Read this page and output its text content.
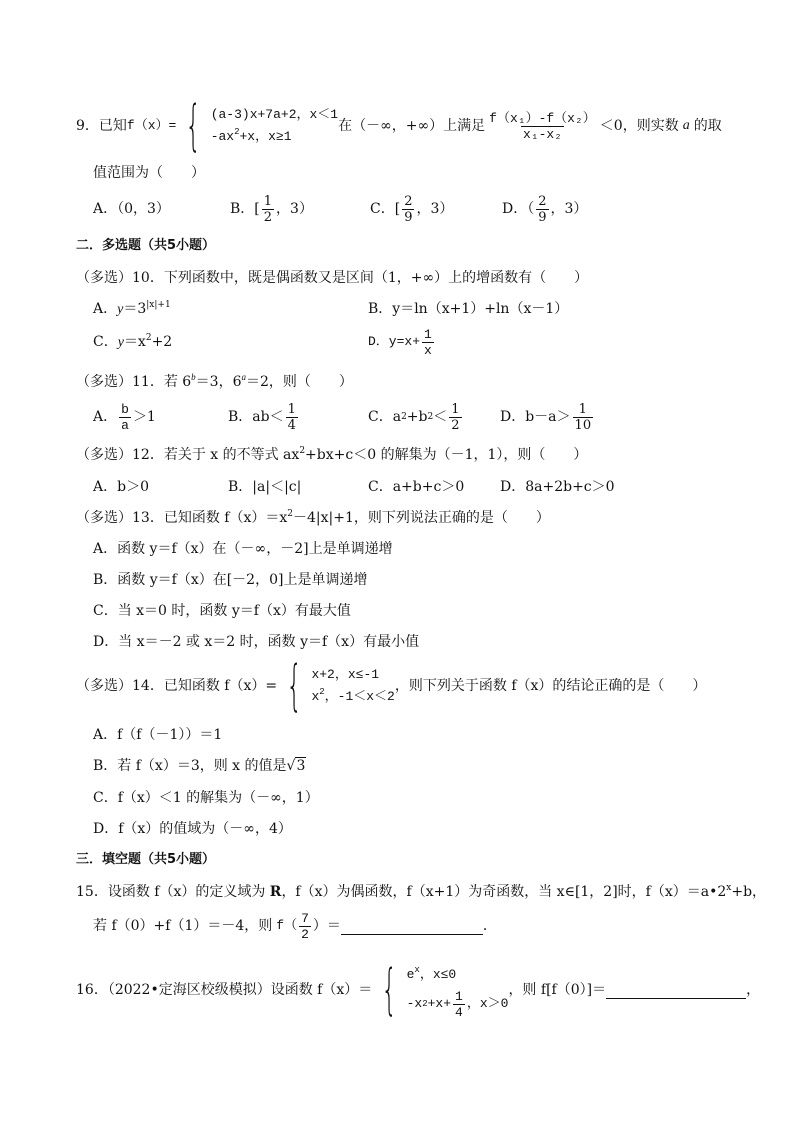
9．已知 f（x）= { (a-3)x+7a+2，x＜1
$-ax^2+x$，x≥1
在（－∞，+∞）上满足 $\frac{\text{f（x₁）-f（x₂）}}{\text{x₁-x₂}} <0$，则实数 a 的取
值范围为（　　）
A．（0，3）	B．[ $\frac{1}{2}$ ，3）	C．[ $\frac{2}{9}$ ，3）	D．（ $\frac{2}{9}$ ，3）
二．多选题（共5小题）
（多选）10．下列函数中，既是偶函数又是区间（1，+∞）上的增函数有（　　）
A．$y=3^{|x|+1}$	B．y＝ln（x+1）+ln（x－1）
C．$y=x^2+2$	D．$y=x+ \frac{1}{x}$
（多选）11．若 $6^b=3$，$6^a=2$，则（　　）
A． $\frac{b}{a} >1$	B．$ab< \frac{1}{4}$	C．a 2 +b $2 < \frac{1}{2}$	D．$b-a> \frac{1}{10}$
（多选）12．若关于 x 的不等式 $ax^2+bx+c<0$ 的解集为（－1，1），则（　　）
A．b＞0	B．|a|＜|c|	C．a+b+c＞0	D．8a+2b+c＞0
（多选）13．已知函数 $f(x)=x^2-4|x|+1$，则下列说法正确的是（　　）
A．函数 y＝f（x）在（－∞，－2]上是单调递增
B．函数 y＝f（x）在[－2，0]上是单调递增
C．当 x＝0 时，函数 y＝f（x）有最大值
D．当 x＝－2 或 x＝2 时，函数 y＝f（x）有最小值
（多选）14．已知函数 f（x）= { x+2，x≤-1
$x^2$，-1＜x＜2
，则下列关于函数 f（x）的结论正确的是（　　）
A．f（f（－1））＝1
B．若 f（x）＝3，则 x 的值是√3
C．f（x）＜1 的解集为（－∞，1）
D．f（x）的值域为（－∞，4）
三．填空题（共5小题）
15．设函数 f（x）的定义域为 R，f（x）为偶函数，f（x+1）为奇函数，当 x∈[1，2]时，$f(x)=a•2^x+b$，
若 f（0）+f（1）＝－4，则 $f( \frac{7}{2}$ ）＝	．
16．（2022•定海区校级模拟）设函数 f（x）＝ { $e^x$，x≤0
-x $2 +x+ \frac{1}{4}$ ，x＞0
，则 f[f（0）]＝	，
